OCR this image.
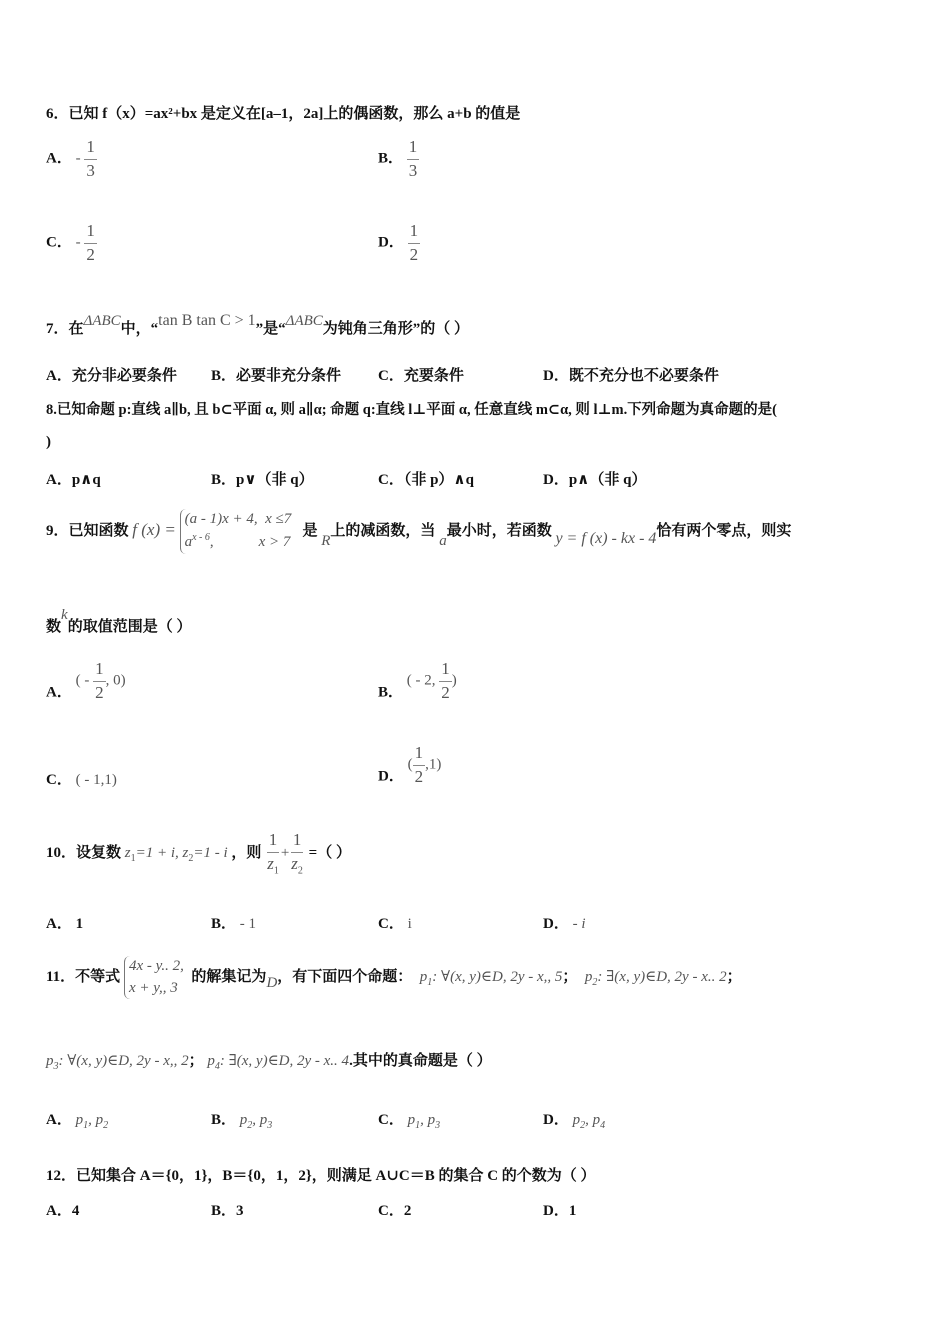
6．已知 f（x）=ax²+bx 是定义在[a–1，2a]上的偶函数，那么 a+b 的值是
A． - $\frac{1}{3}$	B． $\frac{1}{3}$
C． - $\frac{1}{2}$	D． $\frac{1}{2}$
7．在ΔABC中，“tan B tan C > 1”是“ΔABC为钝角三角形”的（ ）
A．充分非必要条件 B．必要非充分条件 C．充要条件	D．既不充分也不必要条件
8.已知命题 p:直线 a∥b, 且 b⊂平面 α, 则 a∥α; 命题 q:直线 l⊥平面 α, 任意直线 m⊂α, 则 l⊥m.下列命题为真命题的是(
)
A．p∧q	B．p∨（非 q）	C．（非 p）∧q	D．p∧（非 q）
9．已知函数 f (x) =
(a - 1)x + 4, x ≤7
$a^{x - 6}$,	x > 7
是 R上的减函数，当 a最小时，若函数 y = f (x) - kx - 4恰有两个零点，则实
数k的取值范围是（ ）
A． ( - $\frac{1}{2}$ , 0)
B． ( - 2, $\frac{1}{2}$ )
C． ( - 1,1)	D． ( $\frac{1}{2} ,1$)
10．设复数 $z_1=1 + i$, $z_2=1 - i$ ，则 $\frac{1}{z_1} + \frac{1}{z_2}$ =（ ）
A． 1	B． - 1	C． i	D． - i
11．不等式
4x - y.. 2,
x + y,, 3
的解集记为D，有下面四个命题： $p_1$: ∀(x, y)∈D, 2y - x,, 5； $p_2$: ∃(x, y)∈D, 2y - x.. 2；
$p_3$: ∀(x, y)∈D, 2y - x,, 2； $p_4$: ∃(x, y)∈D, 2y - x.. 4.其中的真命题是（ ）
A． $p_1$, $p_2$	B． $p_2$, $p_3$	C． $p_1$, $p_3$	D． $p_2$, $p_4$
12．已知集合 A＝{0，1}，B＝{0，1，2}，则满足 A∪C＝B 的集合 C 的个数为（ ）
A．4	B．3	C．2	D．1
